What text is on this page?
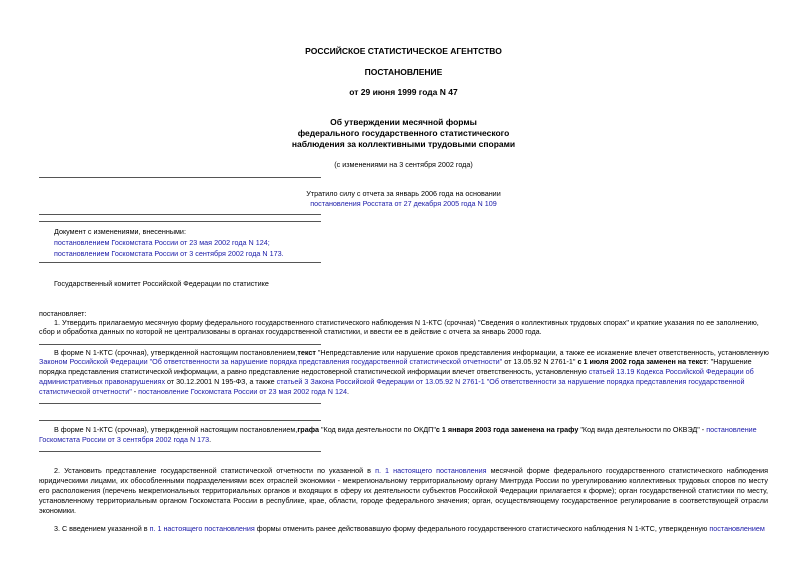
РОССИЙСКОЕ СТАТИСТИЧЕСКОЕ АГЕНТСТВО
ПОСТАНОВЛЕНИЕ
от 29 июня 1999 года N 47
Об утверждении месячной формы
федерального государственного статистического
наблюдения за коллективными трудовыми спорами
(с изменениями на 3 сентября 2002 года)
Утратило силу с отчета за январь 2006 года на основании
постановления Росстата от 27 декабря 2005 года N 109
Документ с изменениями, внесенными:
постановлением Госкомстата России от 23 мая 2002 года N 124;
постановлением Госкомстата России от 3 сентября 2002 года N 173.
Государственный комитет Российской Федерации по статистике
постановляет:
1. Утвердить прилагаемую месячную форму федерального государственного статистического наблюдения N 1-КТС (срочная) "Сведения о коллективных трудовых спорах" и краткие указания по ее заполнению,
сбор и обработка данных по которой не централизованы в органах государственной статистики, и ввести ее в действие с отчета за январь 2000 года.
В форме N 1-КТС (срочная), утвержденной настоящим постановлением,текст "Непредставление или нарушение сроков представления информации, а также ее искажение влечет ответственность, установленную
Законом Российской Федерации "Об ответственности за нарушение порядка представления государственной статистической отчетности" от 13.05.92 N 2761-1" с 1 июля 2002 года заменен на текст: "Нарушение
порядка представления статистической информации, а равно представление недостоверной статистической информации влечет ответственность, установленную статьей 13.19 Кодекса Российской Федерации об
административных правонарушениях от 30.12.2001 N 195-ФЗ, а также статьей 3 Закона Российской Федерации от 13.05.92 N 2761-1 "Об ответственности за нарушение порядка представления государственной
статистической отчетности" - постановление Госкомстата России от 23 мая 2002 года N 124.
В форме N 1-КТС (срочная), утвержденной настоящим постановлением,графа "Код вида деятельности по ОКДП"с 1 января 2003 года заменена на графу "Код вида деятельности по ОКВЭД" - постановление
Госкомстата России от 3 сентября 2002 года N 173.
2. Установить представление государственной статистической отчетности по указанной в п. 1 настоящего постановления месячной форме федерального государственного статистического наблюдения юридическими лицами, их обособленными подразделениями всех отраслей экономики - межрегиональному территориальному органу Минтруда России по урегулированию коллективных трудовых споров по месту его расположения (перечень межрегиональных территориальных органов и входящих в сферу их деятельности субъектов Российской Федерации прилагается к форме); орган государственной статистики по месту, установленному территориальным органом Госкомстата России в республике, крае, области, городе федерального значения; орган, осуществляющему государственное регулирование в соответствующей отрасли экономики.
3. С введением указанной в п. 1 настоящего постановления формы отменить ранее действовавшую форму федерального государственного статистического наблюдения N 1-КТС, утвержденную постановлением
